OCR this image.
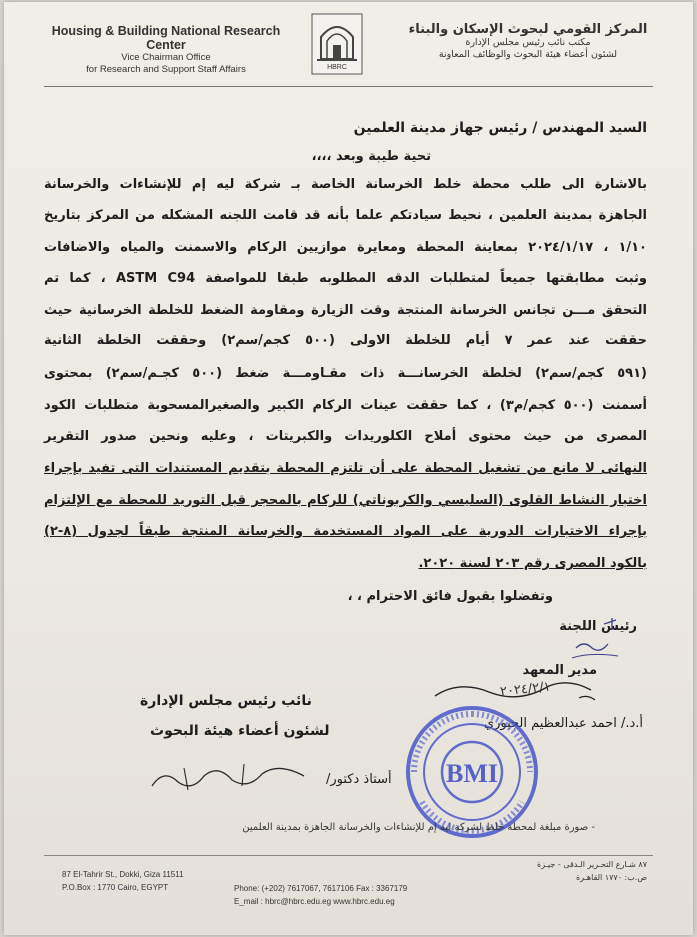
Housing & Building National Research Center
Vice Chairman Office
for Research and Support Staff Affairs	HBRC
المركز القومي لبحوث الإسكان والبناء
مكتب نائب رئيس مجلس الإدارة
لشئون أعضاء هيئة البحوث والوظائف المعاونة
السيد المهندس / رئيس جهاز مدينة العلمين
تحية طيبة وبعد ،،،،
بالاشارة الى طلب محطة خلط الخرسانة الخاصة بـ شركة ليه إم للإنشاءات والخرسانة
الجاهزة بمدينة العلمين ، نحيط سيادتكم علما بأنه قد قامت اللجنه المشكله من المركز بتاريخ
١/١٠ ، ٢٠٢٤/١/١٧ بمعاينة المحطة ومعايرة موازيين الركام والاسمنت والمياه والاضافات
وثبت مطابقتها جميعاً لمتطلبات الدقه المطلوبه طبقا للمواصفة ASTM C94 ، كما تم
التحقق مـــن تجانس الخرسانة المنتجة وقت الزيارة ومقاومة الضغط للخلطة الخرسانية حيث
حققت عند عمر ٧ أيام للخلطة الاولى (٥٠٠ كجم/سم٢) وحققت الخلطة الثانية
(٥٩١ كجم/سم٢) لخلطة الخرسانـــة ذات مقـاومـــة ضغط (٥٠٠ كجـم/سم٢) بمحتوى
أسمنت (٥٠٠ كجم/م٣) ، كما حققت عينات الركام الكبير والصغيرالمسحوبة متطلبات الكود
المصرى من حيث محتوى أملاح الكلوريدات والكبريتات ، وعليه ونحين صدور التقرير
النهائى لا مانع من تشغيل المحطة على أن تلتزم المحطة بتقديم المستندات التى تفيد بإجراء
اختبار النشاط القلوى (السليسي والكربوناتي) للركام بالمحجر قبل التوريد للمحطة مع الإلتزام
بإجراء الاختبارات الدورية على المواد المستخدمة والخرسانة المنتجة طبقاً لجدول (٨-٢)
بالكود المصرى رقم ٢٠٣ لسنة ٢٠٢٠.
وتفضلوا بقبول فائق الاحترام ، ،
رئيس اللجنة
مدير المعهد
٢٠٢٤/٢/١
أ.د./ احمد عبدالعظيم الجبوري
نائب رئيس مجلس الإدارة
لشئون أعضاء هيئة البحوث
أستاذ دكتور/ BMI
- صورة مبلغة لمحطة خلط لشركة ليه إم للإنشاءات والخرسانة الجاهزة بمدينة العلمين
87 El-Tahrir St., Dokki, Giza 11511
P.O.Box : 1770 Cairo, EGYPT	Phone: (+202) 7617067, 7617106 Fax : 3367179
E_mail : hbrc@hbrc.edu.eg www.hbrc.edu.eg
٨٧ شـارع التحـرير الـدقى - جيـزة
ص.ب: ١٧٧٠ القاهـرة
